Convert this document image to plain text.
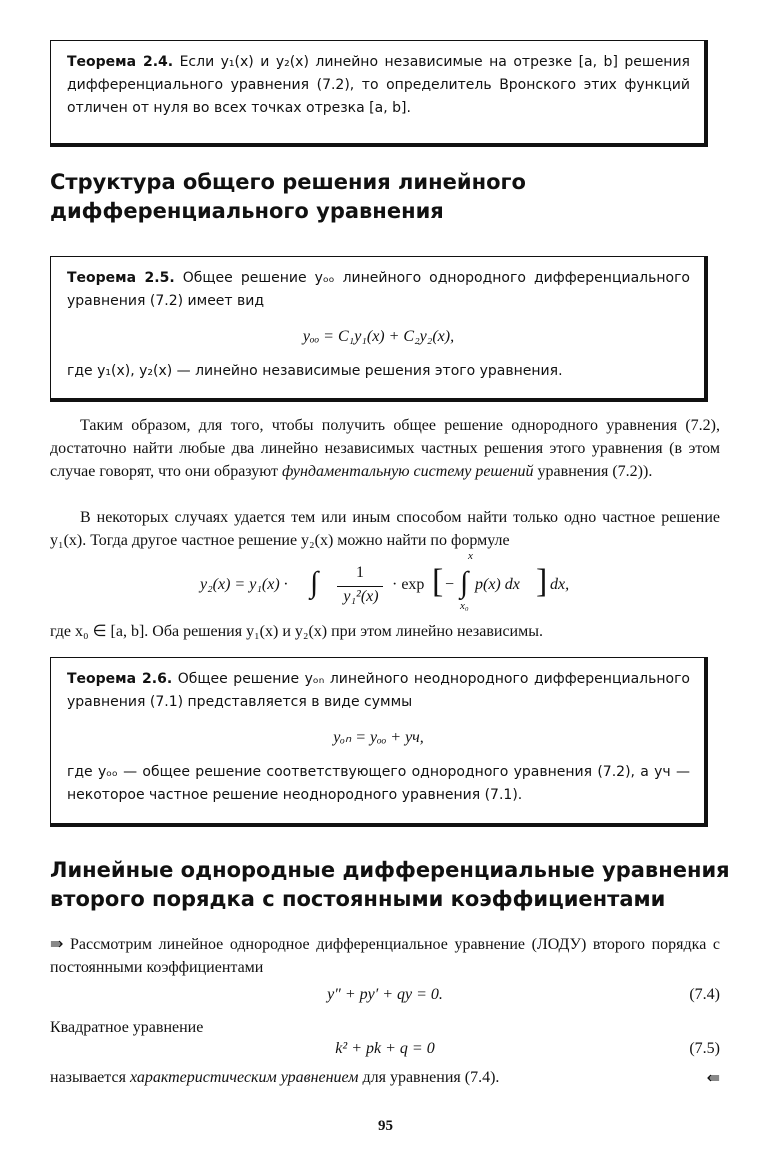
Теорема 2.4. Если y₁(x) и y₂(x) линейно независимые на отрезке [a, b] решения дифференциального уравнения (7.2), то определитель Вронского этих функций отличен от нуля во всех точках отрезка [a, b].
Структура общего решения линейного дифференциального уравнения
Теорема 2.5. Общее решение yₒₒ линейного однородного дифференциального уравнения (7.2) имеет вид
yₒₒ = C₁y₁(x) + C₂y₂(x),
где y₁(x), y₂(x) — линейно независимые решения этого уравнения.
Таким образом, для того, чтобы получить общее решение однородного уравнения (7.2), достаточно найти любые два линейно независимых частных решения этого уравнения (в этом случае говорят, что они образуют фундаментальную систему решений уравнения (7.2)).
В некоторых случаях удается тем или иным способом найти только одно частное решение y₁(x). Тогда другое частное решение y₂(x) можно найти по формуле
y₂(x) = y₁(x) · ∫	1
y₁²(x)
· exp [ − ∫
x
x₀
p(x) dx ] dx,
где x₀ ∈ [a, b]. Оба решения y₁(x) и y₂(x) при этом линейно независимы.
Теорема 2.6. Общее решение yₒₙ линейного неоднородного дифференциального уравнения (7.1) представляется в виде суммы
yₒₙ = yₒₒ + yч,
где yₒₒ — общее решение соответствующего однородного уравнения (7.2), а yч — некоторое частное решение неоднородного уравнения (7.1).
Линейные однородные дифференциальные уравнения второго порядка с постоянными коэффициентами
⇛ Рассмотрим линейное однородное дифференциальное уравнение (ЛОДУ) второго порядка с постоянными коэффициентами
y″ + py′ + qy = 0.	(7.4)
Квадратное уравнение
k² + pk + q = 0	(7.5)
называется характеристическим уравнением для уравнения (7.4).	⇚
95
